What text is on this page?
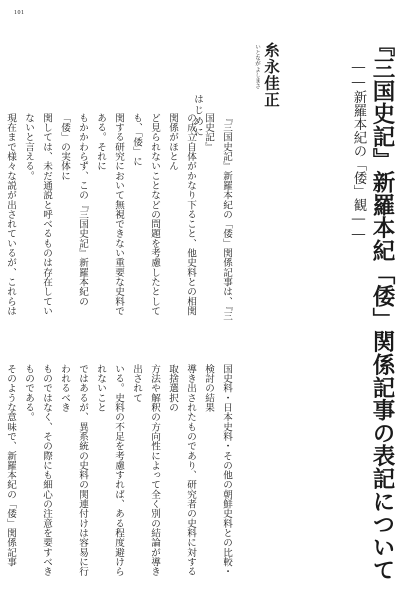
101
『三国史記』新羅本紀「倭」関係記事の表記について
――新羅本紀の「倭」観――
糸永佳正
いとながよしまさ
はじめに	『三国史記』新羅本紀の「倭」関係記事は、『三国史記』

の成立自体がかなり下ること、他史料との相関関係がほとん

ど見られないことなどの問題を考慮したとしても、「倭」に

関する研究において無視できない重要な史料である。それに

もかかわらず、この『三国史記』新羅本紀の「倭」の実体に

関しては、未だ通説と呼べるものは存在していないと言える。

現在まで様々な説が出されているが、これらは

国史料・日本史料・その他の朝鮮史料との比較・検討の結果

導き出されたものであり、研究者の史料に対する取捨選択の

方法や解釈の方向性によって全く別の結論が導き出されて

いる。史料の不足を考慮すれば、ある程度避けられないこと

ではあるが、異系統の史料の関連付けは容易に行われるべき

ものではなく、その際にも細心の注意を要すべきものである。

そのような意味で、新羅本紀の「倭」関係記事
